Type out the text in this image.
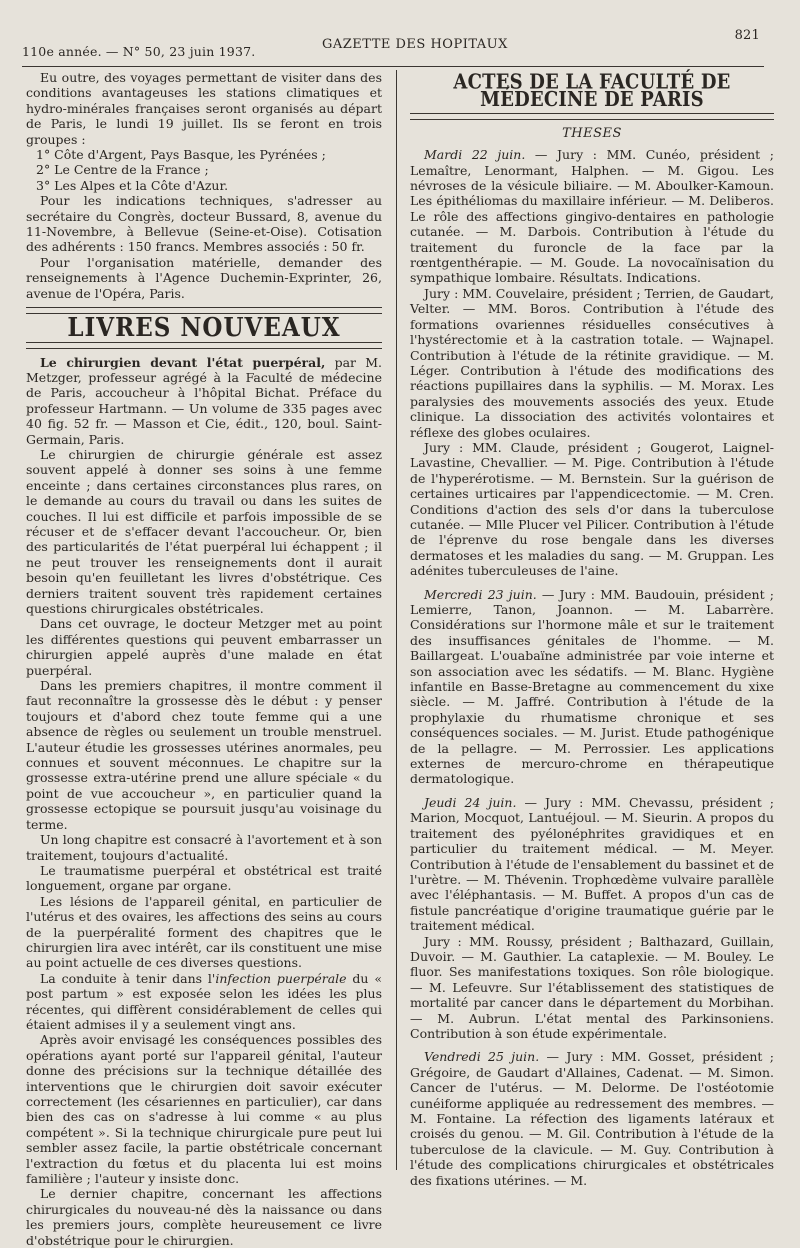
110e année. — N° 50, 23 juin 1937.	GAZETTE DES HOPITAUX
821

Eu outre, des voyages permettant de visiter dans des conditions avantageuses les stations climatiques et hydro-minérales françaises seront organisés au départ de Paris, le lundi 19 juillet. Ils se feront en trois groupes :

1° Côte d'Argent, Pays Basque, les Pyrénées ;

2° Le Centre de la France ;

3° Les Alpes et la Côte d'Azur.

Pour les indications techniques, s'adresser au secrétaire du Congrès, docteur Bussard, 8, avenue du 11-Novembre, à Bellevue (Seine-et-Oise). Cotisation des adhérents : 150 francs. Membres associés : 50 fr.

Pour l'organisation matérielle, demander des renseignements à l'Agence Duchemin-Exprinter, 26, avenue de l'Opéra, Paris.

LIVRES NOUVEAUX

Le chirurgien devant l'état puerpéral, par M. Metzger, professeur agrégé à la Faculté de médecine de Paris, accoucheur à l'hôpital Bichat. Préface du professeur Hartmann. — Un volume de 335 pages avec 40 fig. 52 fr. — Masson et Cie, édit., 120, boul. Saint-Germain, Paris.

Le chirurgien de chirurgie générale est assez souvent appelé à donner ses soins à une femme enceinte ; dans certaines circonstances plus rares, on le demande au cours du travail ou dans les suites de couches. Il lui est difficile et parfois impossible de se récuser et de s'effacer devant l'accoucheur. Or, bien des particularités de l'état puerpéral lui échappent ; il ne peut trouver les renseignements dont il aurait besoin qu'en feuilletant les livres d'obstétrique. Ces derniers traitent souvent très rapidement certaines questions chirurgicales obstétricales.

Dans cet ouvrage, le docteur Metzger met au point les différentes questions qui peuvent embarrasser un chirurgien appelé auprès d'une malade en état puerpéral.

Dans les premiers chapitres, il montre comment il faut reconnaître la grossesse dès le début : y penser toujours et d'abord chez toute femme qui a une absence de règles ou seulement un trouble menstruel. L'auteur étudie les grossesses utérines anormales, peu connues et souvent méconnues. Le chapitre sur la grossesse extra-utérine prend une allure spéciale « du point de vue accoucheur », en particulier quand la grossesse ectopique se poursuit jusqu'au voisinage du terme.

Un long chapitre est consacré à l'avortement et à son traitement, toujours d'actualité.

Le traumatisme puerpéral et obstétrical est traité longuement, organe par organe.

Les lésions de l'appareil génital, en particulier de l'utérus et des ovaires, les affections des seins au cours de la puerpéralité forment des chapitres que le chirurgien lira avec intérêt, car ils constituent une mise au point actuelle de ces diverses questions.

La conduite à tenir dans l'infection puerpérale du « post partum » est exposée selon les idées les plus récentes, qui diffèrent considérablement de celles qui étaient admises il y a seulement vingt ans.

Après avoir envisagé les conséquences possibles des opérations ayant porté sur l'appareil génital, l'auteur donne des précisions sur la technique détaillée des interventions que le chirurgien doit savoir exécuter correctement (les césariennes en particulier), car dans bien des cas on s'adresse à lui comme « au plus compétent ». Si la technique chirurgicale pure peut lui sembler assez facile, la partie obstétricale concernant l'extraction du fœtus et du placenta lui est moins familière ; l'auteur y insiste donc.

Le dernier chapitre, concernant les affections chirurgicales du nouveau-né dès la naissance ou dans les premiers jours, complète heureusement ce livre d'obstétrique pour le chirurgien.

ACTES DE LA FACULTÉ DE MÉDECINE DE PARIS
THESES

Mardi 22 juin. — Jury : MM. Cunéo, président ; Lemaître, Lenormant, Halphen. — M. Gigou. Les névroses de la vésicule biliaire. — M. Aboulker-Kamoun. Les épithéliomas du maxillaire inférieur. — M. Deliberos. Le rôle des affections gingivo-dentaires en pathologie cutanée. — M. Darbois. Contribution à l'étude du traitement du furoncle de la face par la rœntgenthérapie. — M. Goude. La novocaïnisation du sympathique lombaire. Résultats. Indications.

Jury : MM. Couvelaire, président ; Terrien, de Gaudart, Velter. — MM. Boros. Contribution à l'étude des formations ovariennes résiduelles consécutives à l'hystérectomie et à la castration totale. — Wajnapel. Contribution à l'étude de la rétinite gravidique. — M. Léger. Contribution à l'étude des modifications des réactions pupillaires dans la syphilis. — M. Morax. Les paralysies des mouvements associés des yeux. Etude clinique. La dissociation des activités volontaires et réflexe des globes oculaires.

Jury : MM. Claude, président ; Gougerot, Laignel-Lavastine, Chevallier. — M. Pige. Contribution à l'étude de l'hyperérotisme. — M. Bernstein. Sur la guérison de certaines urticaires par l'appendicectomie. — M. Cren. Conditions d'action des sels d'or dans la tuberculose cutanée. — Mlle Plucer vel Pilicer. Contribution à l'étude de l'éprenve du rose bengale dans les diverses dermatoses et les maladies du sang. — M. Gruppan. Les adénites tuberculeuses de l'aine.

Mercredi 23 juin. — Jury : MM. Baudouin, président ; Lemierre, Tanon, Joannon. — M. Labarrère. Considérations sur l'hormone mâle et sur le traitement des insuffisances génitales de l'homme. — M. Baillargeat. L'ouabaïne administrée par voie interne et son association avec les sédatifs. — M. Blanc. Hygiène infantile en Basse-Bretagne au commencement du xixe siècle. — M. Jaffré. Contribution à l'étude de la prophylaxie du rhumatisme chronique et ses conséquences sociales. — M. Jurist. Etude pathogénique de la pellagre. — M. Perrossier. Les applications externes de mercuro-chrome en thérapeutique dermatologique.

Jeudi 24 juin. — Jury : MM. Chevassu, président ; Marion, Mocquot, Lantuéjoul. — M. Sieurin. A propos du traitement des pyélonéphrites gravidiques et en particulier du traitement médical. — M. Meyer. Contribution à l'étude de l'ensablement du bassinet et de l'urètre. — M. Thévenin. Trophœdème vulvaire parallèle avec l'éléphantasis. — M. Buffet. A propos d'un cas de fistule pancréatique d'origine traumatique guérie par le traitement médical.

Jury : MM. Roussy, président ; Balthazard, Guillain, Duvoir. — M. Gauthier. La cataplexie. — M. Bouley. Le fluor. Ses manifestations toxiques. Son rôle biologique. — M. Lefeuvre. Sur l'établissement des statistiques de mortalité par cancer dans le département du Morbihan. — M. Aubrun. L'état mental des Parkinsoniens. Contribution à son étude expérimentale.

Vendredi 25 juin. — Jury : MM. Gosset, président ; Grégoire, de Gaudart d'Allaines, Cadenat. — M. Simon. Cancer de l'utérus. — M. Delorme. De l'ostéotomie cunéiforme appliquée au redressement des membres. — M. Fontaine. La réfection des ligaments latéraux et croisés du genou. — M. Gil. Contribution à l'étude de la tuberculose de la clavicule. — M. Guy. Contribution à l'étude des complications chirurgicales et obstétricales des fixations utérines. — M.
